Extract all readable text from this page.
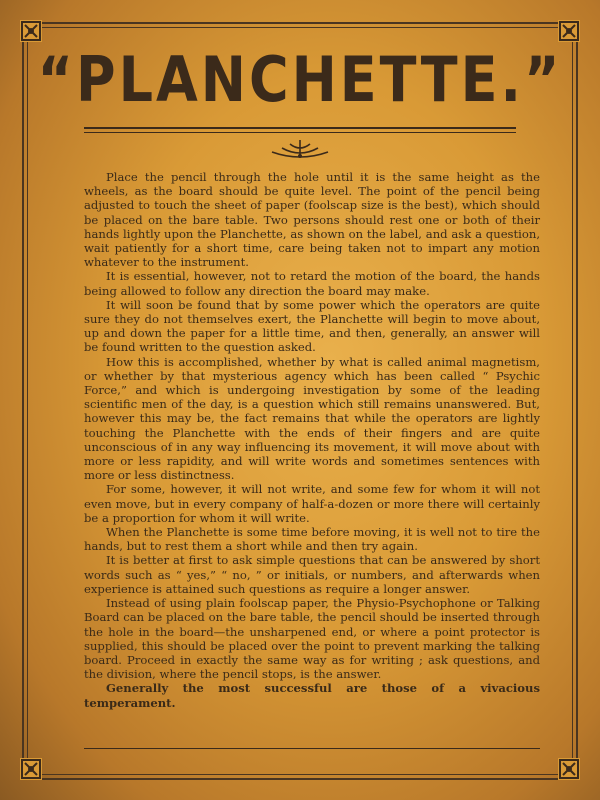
“PLANCHETTE.”

Place the pencil through the hole until it is the same height as the wheels, as the board should be quite level. The point of the pencil being adjusted to touch the sheet of paper (foolscap size is the best), which should be placed on the bare table. Two persons should rest one or both of their hands lightly upon the Planchette, as shown on the label, and ask a question, wait patiently for a short time, care being taken not to impart any motion whatever to the instrument.

It is essential, however, not to retard the motion of the board, the hands being allowed to follow any direction the board may make.

It will soon be found that by some power which the operators are quite sure they do not themselves exert, the Planchette will begin to move about, up and down the paper for a little time, and then, generally, an answer will be found written to the question asked.

How this is accomplished, whether by what is called animal magnetism, or whether by that mysterious agency which has been called “ Psychic Force,” and which is undergoing investigation by some of the leading scientific men of the day, is a question which still remains unanswered. But, however this may be, the fact remains that while the operators are lightly touching the Planchette with the ends of their fingers and are quite unconscious of in any way influencing its movement, it will move about with more or less rapidity, and will write words and sometimes sentences with more or less distinctness.

For some, however, it will not write, and some few for whom it will not even move, but in every company of half-a-dozen or more there will certainly be a proportion for whom it will write.

When the Planchette is some time before moving, it is well not to tire the hands, but to rest them a short while and then try again.

It is better at first to ask simple questions that can be answered by short words such as “ yes,” “ no, ” or initials, or numbers, and afterwards when experience is attained such questions as require a longer answer.

Instead of using plain foolscap paper, the Physio-Psychophone or Talking Board can be placed on the bare table, the pencil should be inserted through the hole in the board—the unsharpened end, or where a point protector is supplied, this should be placed over the point to prevent marking the talking board. Proceed in exactly the same way as for writing ; ask questions, and the division, where the pencil stops, is the answer.

Generally the most successful are those of a vivacious temperament.
